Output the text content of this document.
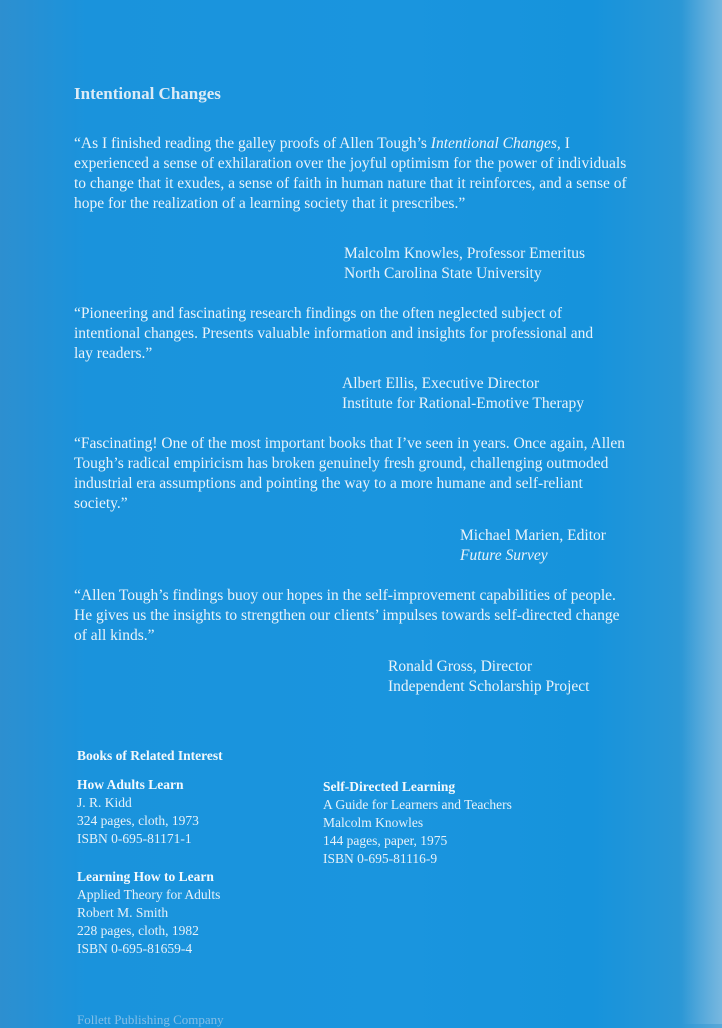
Intentional Changes

“As I finished reading the galley proofs of Allen Tough’s Intentional Changes, I experienced a sense of exhilaration over the joyful optimism for the power of individuals to change that it exudes, a sense of faith in human nature that it reinforces, and a sense of hope for the realization of a learning society that it prescribes.”

Malcolm Knowles, Professor Emeritus
North Carolina State University

“Pioneering and fascinating research findings on the often neglected subject of intentional changes. Presents valuable information and insights for professional and lay readers.”

Albert Ellis, Executive Director
Institute for Rational-Emotive Therapy

“Fascinating! One of the most important books that I’ve seen in years. Once again, Allen Tough’s radical empiricism has broken genuinely fresh ground, challenging outmoded industrial era assumptions and pointing the way to a more humane and self-reliant society.”

Michael Marien, Editor
Future Survey

“Allen Tough’s findings buoy our hopes in the self-improvement capabilities of people. He gives us the insights to strengthen our clients’ impulses towards self-directed change of all kinds.”

Ronald Gross, Director
Independent Scholarship Project
Books of Related Interest
How Adults Learn
J. R. Kidd
324 pages, cloth, 1973
ISBN 0-695-81171-1
Learning How to Learn
Applied Theory for Adults
Robert M. Smith
228 pages, cloth, 1982
ISBN 0-695-81659-4
Self-Directed Learning
A Guide for Learners and Teachers
Malcolm Knowles
144 pages, paper, 1975
ISBN 0-695-81116-9
Follett Publishing Company
